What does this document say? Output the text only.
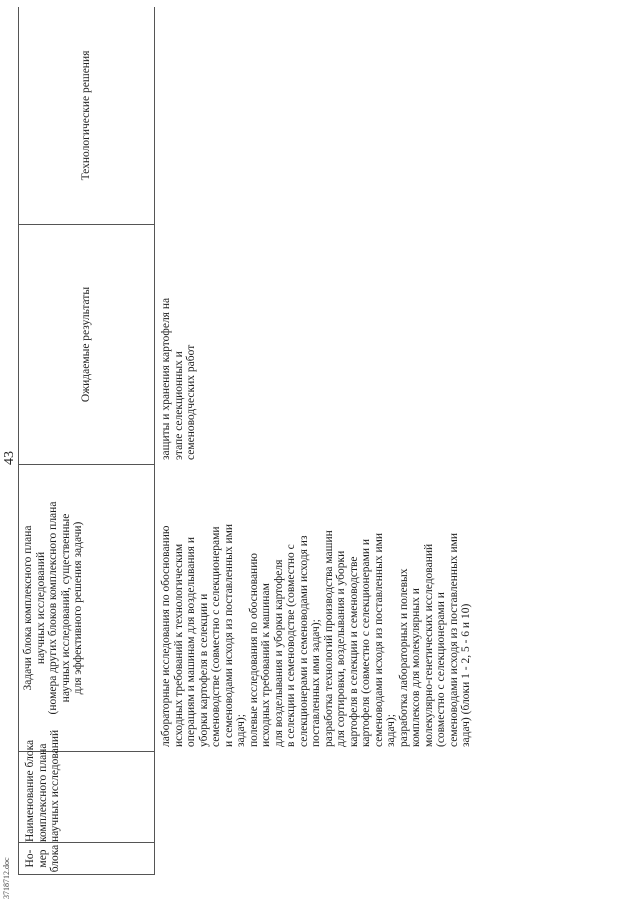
Но- мер блока
Наименование блока комплексного плана научных исследований
Задачи блока комплексного плана научных исследований (номера других блоков комплексного плана научных исследований, существенные для эффективного решения задачи)
Ожидаемые результаты
Технологические решения
лабораторные исследования по обоснованию исходных требований к технологическим операциям и машинам для возделывания и уборки картофеля в селекции и семеноводстве (совместно с селекционерами и семеноводами исходя из поставленных ими задач); полевые исследования по обоснованию исходных требований к машинам для возделывания и уборки картофеля в селекции и семеноводстве (совместно с селекционерами и семеноводами исходя из поставленных ими задач); разработка технологий производства машин для сортировки, возделывания и уборки картофеля в селекции и семеноводстве картофеля (совместно с селекционерами и семеноводами исходя из поставленных ими задач); разработка лабораторных и полевых комплексов для молекулярных и молекулярно-генетических исследований (совместно с селекционерами и семеноводами исходя из поставленных ими задач) (блоки 1 - 2, 5 - 6 и 10)
защиты и хранения картофеля на этапе селекционных и семеноводческих работ
43
3718712.doc
